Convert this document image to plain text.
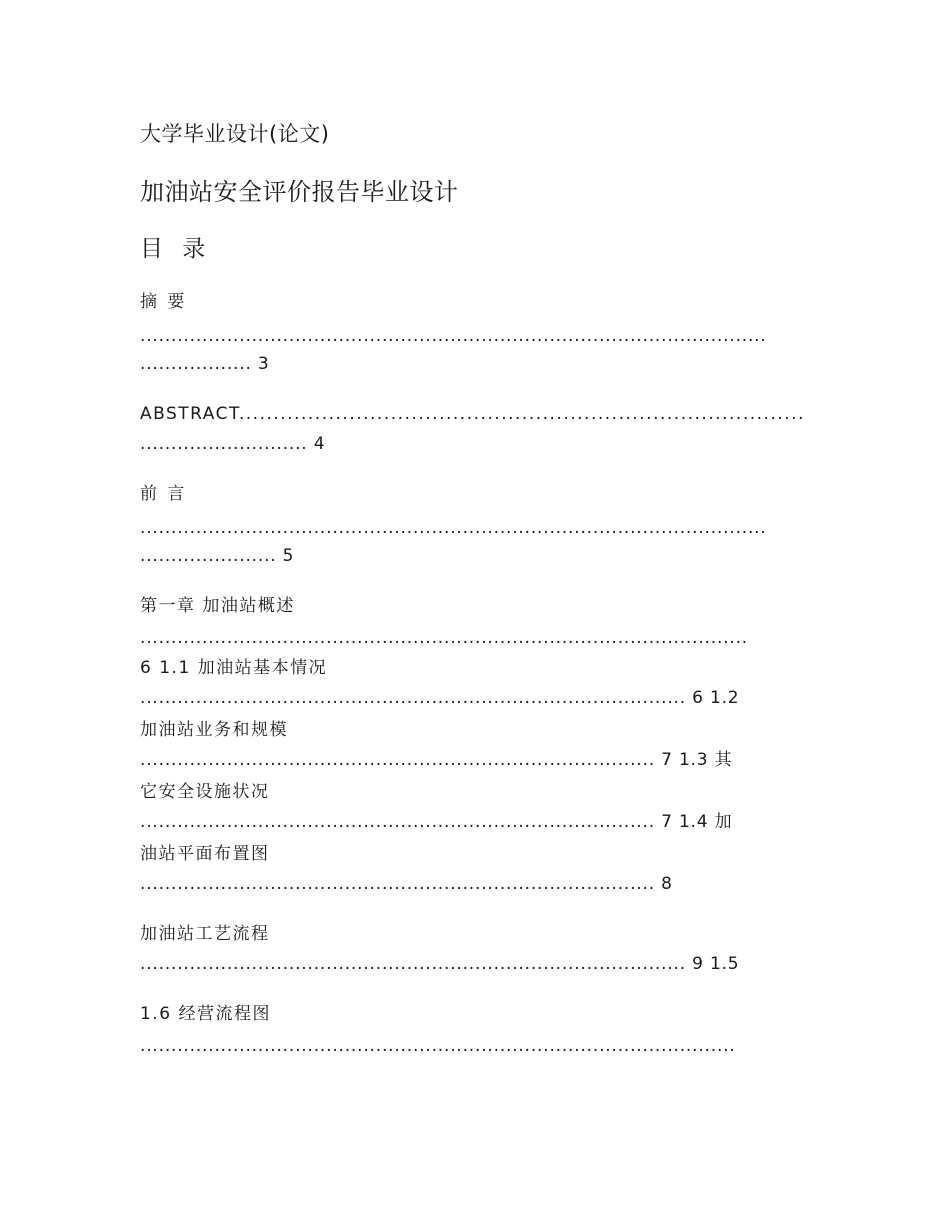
大学毕业设计(论文)
加油站安全评价报告毕业设计
目 录
摘 要
.....................................................................................................
.................. 3
ABSTRACT..................................................................................
........................... 4
前 言
.....................................................................................................
...................... 5
第一章 加油站概述
..................................................................................................
6 1.1 加油站基本情况
........................................................................................ 6 1.2
加油站业务和规模
................................................................................... 7 1.3 其
它安全设施状况
................................................................................... 7 1.4 加
油站平面布置图
................................................................................... 8
加油站工艺流程
........................................................................................ 9 1.5
1.6 经营流程图
................................................................................................
